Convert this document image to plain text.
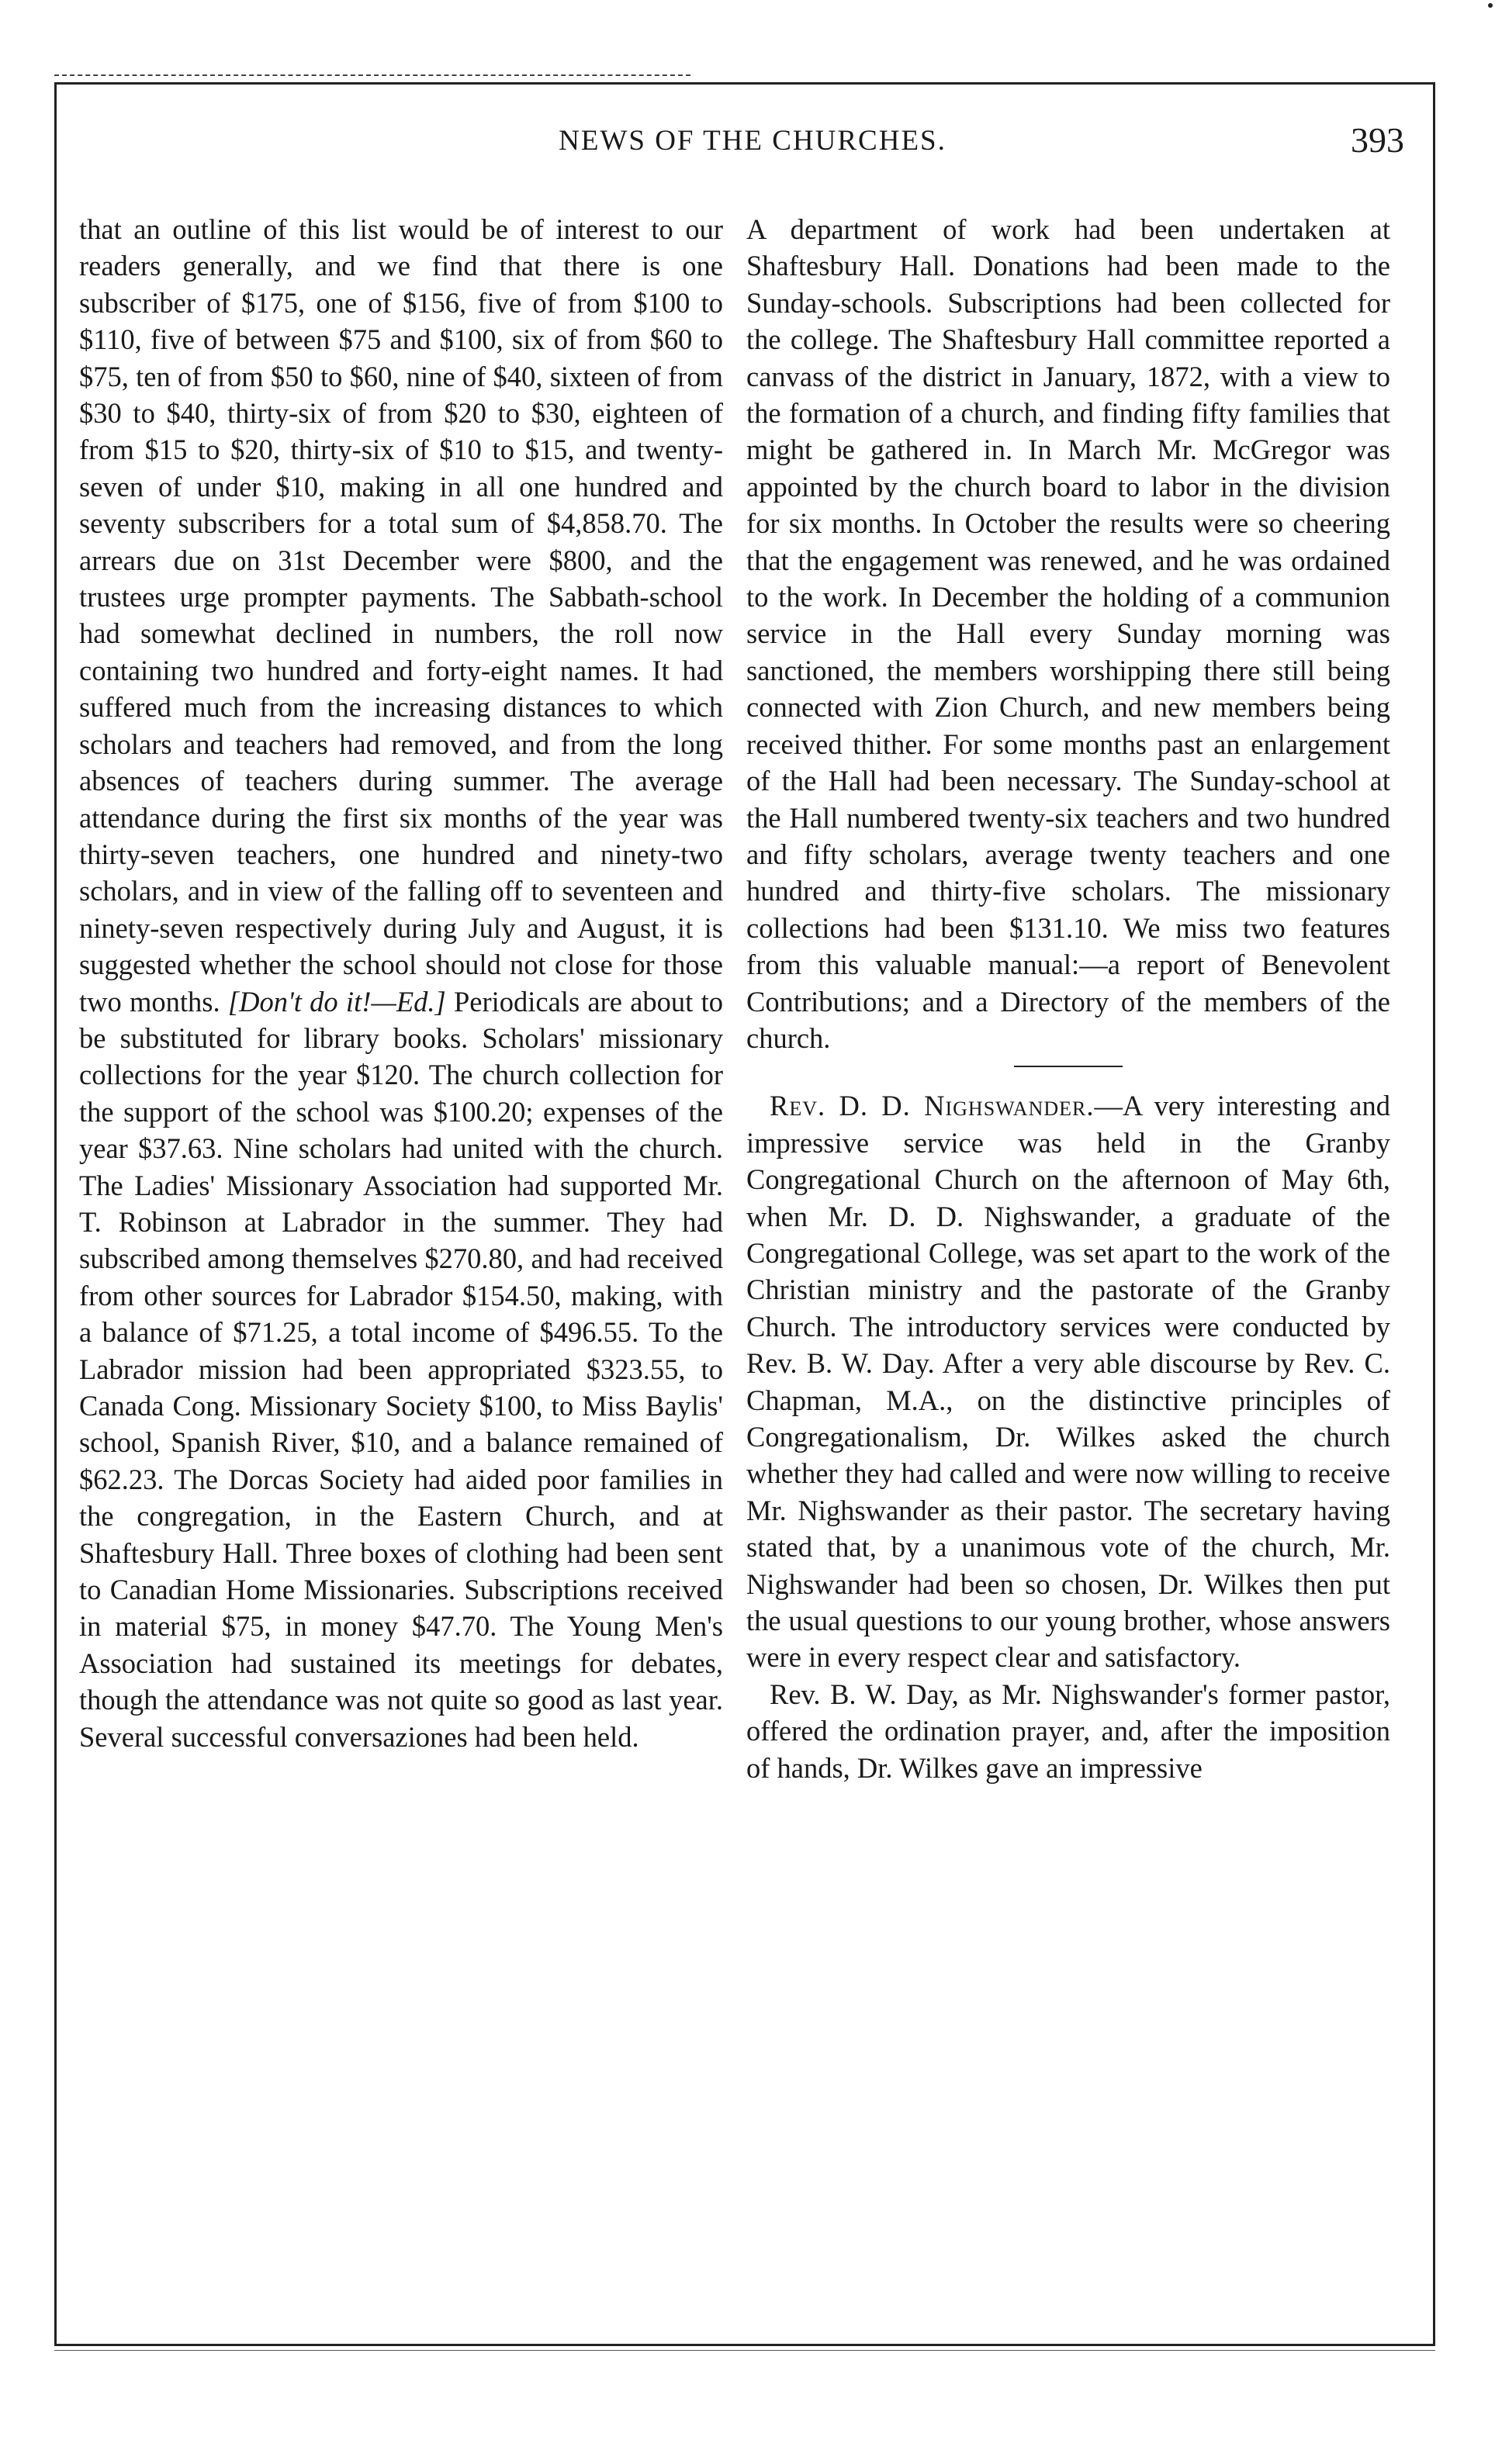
NEWS OF THE CHURCHES.	393

that an outline of this list would be of interest to our readers generally, and we find that there is one subscriber of $175, one of $156, five of from $100 to $110, five of between $75 and $100, six of from $60 to $75, ten of from $50 to $60, nine of $40, sixteen of from $30 to $40, thirty-six of from $20 to $30, eighteen of from $15 to $20, thirty-six of $10 to $15, and twenty-seven of under $10, making in all one hundred and seventy subscribers for a total sum of $4,858.70. The arrears due on 31st December were $800, and the trustees urge prompter payments. The Sabbath-school had somewhat declined in numbers, the roll now containing two hundred and forty-eight names. It had suffered much from the increasing distances to which scholars and teachers had removed, and from the long absences of teachers during summer. The average attendance during the first six months of the year was thirty-seven teachers, one hundred and ninety-two scholars, and in view of the falling off to seventeen and ninety-seven respectively during July and August, it is suggested whether the school should not close for those two months. [Don't do it!—Ed.] Periodicals are about to be substituted for library books. Scholars' missionary collections for the year $120. The church collection for the support of the school was $100.20; expenses of the year $37.63. Nine scholars had united with the church. The Ladies' Missionary Association had supported Mr. T. Robinson at Labrador in the summer. They had subscribed among themselves $270.80, and had received from other sources for Labrador $154.50, making, with a balance of $71.25, a total income of $496.55. To the Labrador mission had been appropriated $323.55, to Canada Cong. Missionary Society $100, to Miss Baylis' school, Spanish River, $10, and a balance remained of $62.23. The Dorcas Society had aided poor families in the congregation, in the Eastern Church, and at Shaftesbury Hall. Three boxes of clothing had been sent to Canadian Home Missionaries. Subscriptions received in material $75, in money $47.70. The Young Men's Association had sustained its meetings for debates, though the attendance was not quite so good as last year. Several successful conversaziones had been held.

A department of work had been undertaken at Shaftesbury Hall. Donations had been made to the Sunday-schools. Subscriptions had been collected for the college. The Shaftesbury Hall committee reported a canvass of the district in January, 1872, with a view to the formation of a church, and finding fifty families that might be gathered in. In March Mr. McGregor was appointed by the church board to labor in the division for six months. In October the results were so cheering that the engagement was renewed, and he was ordained to the work. In December the holding of a communion service in the Hall every Sunday morning was sanctioned, the members worshipping there still being connected with Zion Church, and new members being received thither. For some months past an enlargement of the Hall had been necessary. The Sunday-school at the Hall numbered twenty-six teachers and two hundred and fifty scholars, average twenty teachers and one hundred and thirty-five scholars. The missionary collections had been $131.10. We miss two features from this valuable manual:—a report of Benevolent Contributions; and a Directory of the members of the church.

Rev. D. D. Nighswander.—A very interesting and impressive service was held in the Granby Congregational Church on the afternoon of May 6th, when Mr. D. D. Nighswander, a graduate of the Congregational College, was set apart to the work of the Christian ministry and the pastorate of the Granby Church. The introductory services were conducted by Rev. B. W. Day. After a very able discourse by Rev. C. Chapman, M.A., on the distinctive principles of Congregationalism, Dr. Wilkes asked the church whether they had called and were now willing to receive Mr. Nighswander as their pastor. The secretary having stated that, by a unanimous vote of the church, Mr. Nighswander had been so chosen, Dr. Wilkes then put the usual questions to our young brother, whose answers were in every respect clear and satisfactory.

Rev. B. W. Day, as Mr. Nighswander's former pastor, offered the ordination prayer, and, after the imposition of hands, Dr. Wilkes gave an impressive
